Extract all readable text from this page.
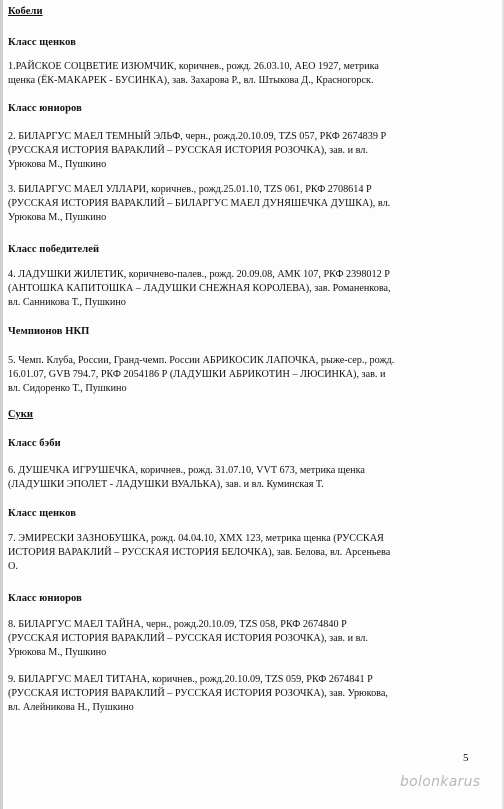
Кобели
Класс щенков
1.РАЙСКОЕ СОЦВЕТИЕ ИЗЮМЧИК, коричнев., рожд. 26.03.10, АЕО 1927, метрика
щенка (ЁК-МАКАРЕК - БУСИНКА), зав. Захарова Р., вл. Штыкова Д., Красногорск.
Класс юниоров
2. БИЛАРГУС МАЕЛ ТЕМНЫЙ ЭЛЬФ, черн., рожд.20.10.09, TZS 057, РКФ 2674839 Р
(РУССКАЯ ИСТОРИЯ ВАРАКЛИЙ – РУССКАЯ ИСТОРИЯ РОЗОЧКА), зав. и вл.
Урюкова М., Пушкино
3. БИЛАРГУС МАЕЛ УЛЛАРИ, коричнев., рожд.25.01.10, TZS 061, РКФ 2708614 Р
(РУССКАЯ ИСТОРИЯ ВАРАКЛИЙ – БИЛАРГУС МАЕЛ ДУНЯШЕЧКА ДУШКА), вл.
Урюкова М., Пушкино
Класс победителей
4. ЛАДУШКИ ЖИЛЕТИК, коричнево-палев., рожд. 20.09.08, АМК 107, РКФ 2398012 Р
(АНТОШКА КАПИТОШКА – ЛАДУШКИ СНЕЖНАЯ КОРОЛЕВА), зав. Романенкова,
вл. Санникова Т., Пушкино
Чемпионов НКП
5. Чемп. Клуба, России, Гранд-чемп. России АБРИКОСИК ЛАПОЧКА, рыже-сер., рожд.
16.01.07, GVB 794.7, РКФ 2054186 Р (ЛАДУШКИ АБРИКОТИН – ЛЮСИНКА), зав. и
вл. Сидоренко Т., Пушкино
Суки
Класс бэби
6. ДУШЕЧКА ИГРУШЕЧКА, коричнев., рожд. 31.07.10, VVT 673, метрика щенка
(ЛАДУШКИ ЭПОЛЕТ - ЛАДУШКИ ВУАЛЬКА), зав. и вл. Куминская Т.
Класс щенков
7. ЭМИРЕСКИ ЗАЗНОБУШКА, рожд. 04.04.10, XMX 123, метрика щенка (РУССКАЯ
ИСТОРИЯ ВАРАКЛИЙ – РУССКАЯ ИСТОРИЯ БЕЛОЧКА), зав. Белова, вл. Арсеньева
О.
Класс юниоров
8. БИЛАРГУС МАЕЛ ТАЙНА, черн., рожд.20.10.09, TZS 058, РКФ 2674840 Р
(РУССКАЯ ИСТОРИЯ ВАРАКЛИЙ – РУССКАЯ ИСТОРИЯ РОЗОЧКА), зав. и вл.
Урюкова М., Пушкино
9. БИЛАРГУС МАЕЛ ТИТАНА, коричнев., рожд.20.10.09, TZS 059, РКФ 2674841 Р
(РУССКАЯ ИСТОРИЯ ВАРАКЛИЙ – РУССКАЯ ИСТОРИЯ РОЗОЧКА), зав. Урюкова,
вл. Алейникова Н., Пушкино
5
bolonkarus
